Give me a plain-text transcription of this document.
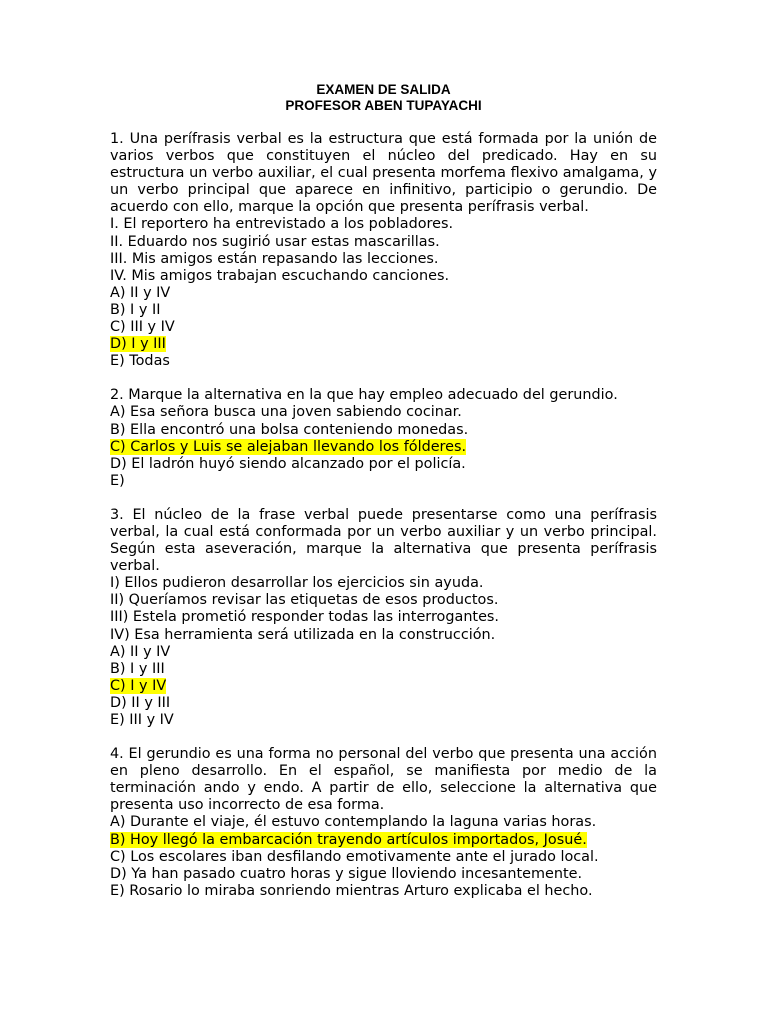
EXAMEN DE SALIDA
PROFESOR ABEN TUPAYACHI

1. Una perífrasis verbal es la estructura que está formada por la unión de varios verbos que constituyen el núcleo del predicado. Hay en su estructura un verbo auxiliar, el cual presenta morfema flexivo amalgama, y un verbo principal que aparece en infinitivo, participio o gerundio. De acuerdo con ello, marque la opción que presenta perífrasis verbal.

I. El reportero ha entrevistado a los pobladores.
II. Eduardo nos sugirió usar estas mascarillas.
III. Mis amigos están repasando las lecciones.
IV. Mis amigos trabajan escuchando canciones.
A) II y IV
B) I y II
C) III y IV
D) I y III
E) Todas

2. Marque la alternativa en la que hay empleo adecuado del gerundio.

A) Esa señora busca una joven sabiendo cocinar.
B) Ella encontró una bolsa conteniendo monedas.
C) Carlos y Luis se alejaban llevando los fólderes.
D) El ladrón huyó siendo alcanzado por el policía.
E)

3. El núcleo de la frase verbal puede presentarse como una perífrasis verbal, la cual está conformada por un verbo auxiliar y un verbo principal. Según esta aseveración, marque la alternativa que presenta perífrasis verbal.

I) Ellos pudieron desarrollar los ejercicios sin ayuda.
II) Queríamos revisar las etiquetas de esos productos.
III) Estela prometió responder todas las interrogantes.
IV) Esa herramienta será utilizada en la construcción.
A) II y IV
B) I y III
C) I y IV
D) II y III
E) III y IV

4. El gerundio es una forma no personal del verbo que presenta una acción en pleno desarrollo. En el español, se manifiesta por medio de la terminación ando y endo. A partir de ello, seleccione la alternativa que presenta uso incorrecto de esa forma.

A) Durante el viaje, él estuvo contemplando la laguna varias horas.
B) Hoy llegó la embarcación trayendo artículos importados, Josué.
C) Los escolares iban desfilando emotivamente ante el jurado local.
D) Ya han pasado cuatro horas y sigue lloviendo incesantemente.
E) Rosario lo miraba sonriendo mientras Arturo explicaba el hecho.
